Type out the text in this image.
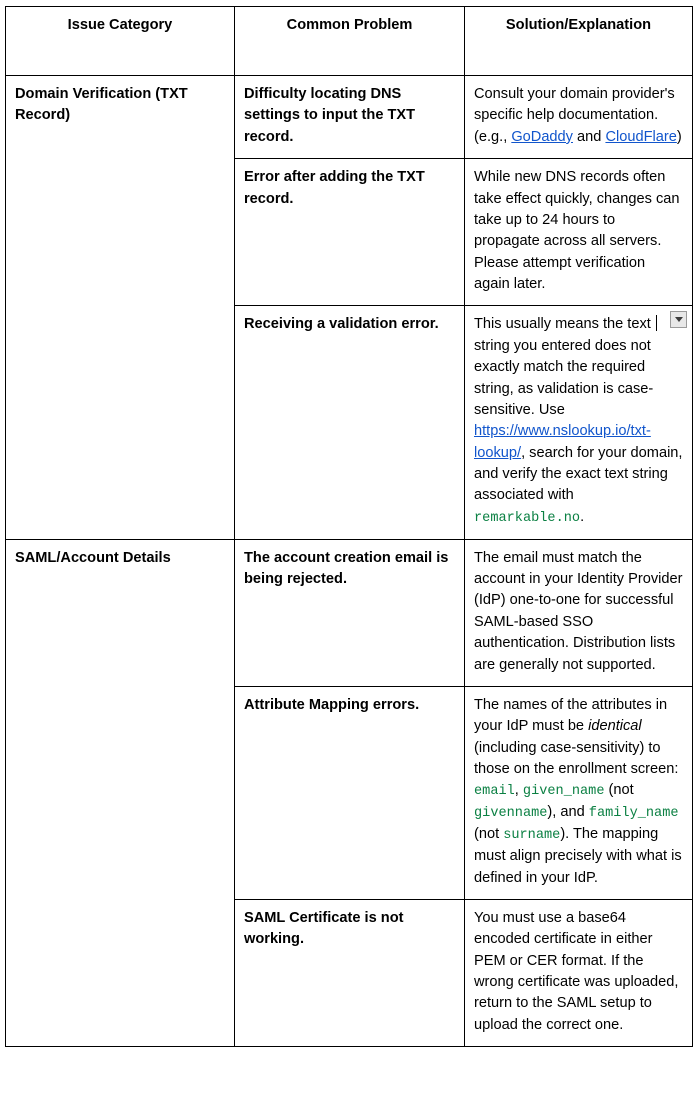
Issue Category	Common Problem	Solution/Explanation
Domain Verification (TXT Record)	Difficulty locating DNS settings to input the TXT record.	Consult your domain provider's specific help documentation. (e.g., GoDaddy and CloudFlare)
	Error after adding the TXT record.	While new DNS records often take effect quickly, changes can take up to 24 hours to propagate across all servers. Please attempt verification again later.
	Receiving a validation error.	This usually means the text string you entered does not exactly match the required string, as validation is case-sensitive. Use https://www.nslookup.io/txt-lookup/, search for your domain, and verify the exact text string associated with remarkable.no.

SAML/Account Details	The account creation email is being rejected.	The email must match the account in your Identity Provider (IdP) one-to-one for successful SAML-based SSO authentication. Distribution lists are generally not supported.
	Attribute Mapping errors.	The names of the attributes in your IdP must be identical (including case-sensitivity) to those on the enrollment screen: email, given_name (not givenname), and family_name (not surname). The mapping must align precisely with what is defined in your IdP.
	SAML Certificate is not working.	You must use a base64 encoded certificate in either PEM or CER format. If the wrong certificate was uploaded, return to the SAML setup to upload the correct one.
